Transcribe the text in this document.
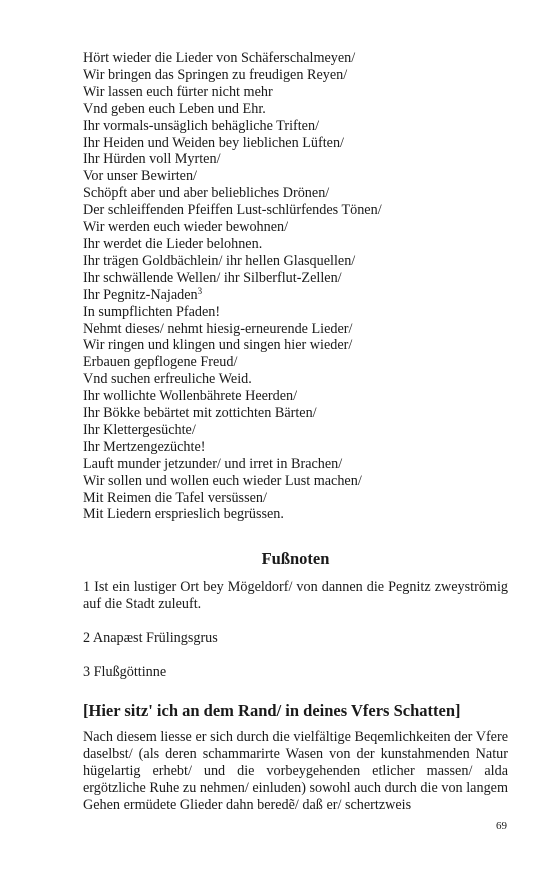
Hört wieder die Lieder von Schäferschalmeyen/
Wir bringen das Springen zu freudigen Reyen/
Wir lassen euch fürter nicht mehr
Vnd geben euch Leben und Ehr.
Ihr vormals-unsäglich behägliche Triften/
Ihr Heiden und Weiden bey lieblichen Lüften/
Ihr Hürden voll Myrten/
Vor unser Bewirten/
Schöpft aber und aber beliebliches Drönen/
Der schleiffenden Pfeiffen Lust-schlürfendes Tönen/
Wir werden euch wieder bewohnen/
Ihr werdet die Lieder belohnen.
Ihr trägen Goldbächlein/ ihr hellen Glasquellen/
Ihr schwällende Wellen/ ihr Silberflut-Zellen/
Ihr Pegnitz-Najaden$^3$
In sumpflichten Pfaden!
Nehmt dieses/ nehmt hiesig-erneurende Lieder/
Wir ringen und klingen und singen hier wieder/
Erbauen gepflogene Freud/
Vnd suchen erfreuliche Weid.
Ihr wollichte Wollenbährete Heerden/
Ihr Bökke bebärtet mit zottichten Bärten/
Ihr Klettergesüchte/
Ihr Mertzengezüchte!
Lauft munder jetzunder/ und irret in Brachen/
Wir sollen und wollen euch wieder Lust machen/
Mit Reimen die Tafel versüssen/
Mit Liedern ersprieslich begrüssen.
Fußnoten
1 Ist ein lustiger Ort bey Mögeldorf/ von dannen die Pegnitz zweyströmig auf die Stadt zuleuft.
2 Anapæst Frülingsgrus
3 Flußgöttinne
[Hier sitz' ich an dem Rand/ in deines Vfers Schatten]
Nach diesem liesse er sich durch die vielfältige Beqemlichkeiten der Vfere daselbst/ (als deren schammarirte Wasen von der kunstahmenden Natur hügelartig erhebt/ und die vorbeygehenden etlicher massen/ alda ergötzliche Ruhe zu nehmen/ einluden) sowohl auch durch die von langem Gehen ermüdete Glieder dahn beredẽ/ daß er/ schertzweis
69
